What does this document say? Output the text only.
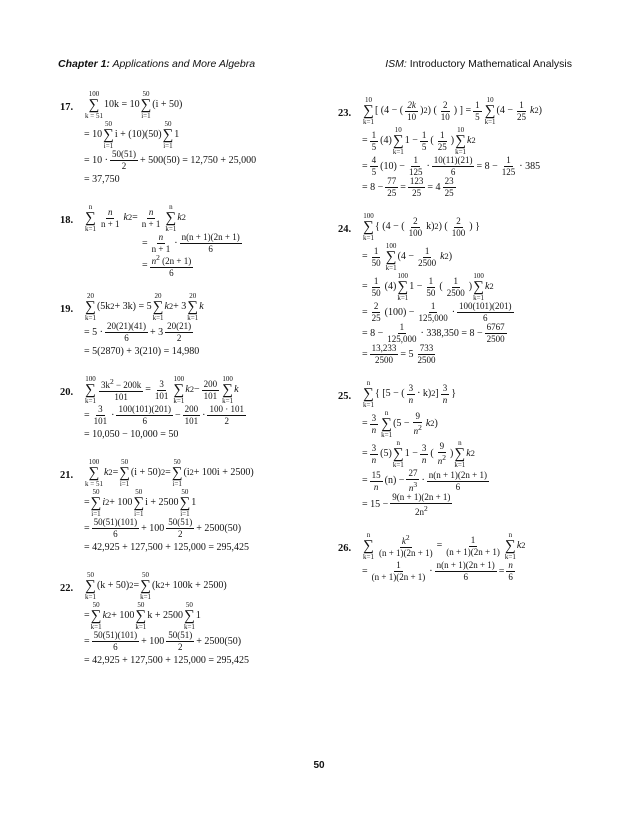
Chapter 1: Applications and More Algebra	ISM: Introductory Mathematical Analysis
17.
100
∑
k = 51
10k = 10
50
∑
i=1
(i + 50)
= 10
50
∑
i=1
i + (10)(50)
50
∑
i=1
1
= $10 \cdot \frac{50(51)}{2} + 500(50) = 12,750 + 25,000$
= 37,750
18.
n
∑
k=1
$\frac{n}{n + 1}$ k $2 = \frac{n}{n + 1}$
n
∑
k=1
k 2
= $\frac{n}{n + 1} \cdot \frac{n(n + 1)(2n + 1)}{6}$
= $\frac{n^2 (2n + 1)}{6}$
19.
20
∑
k=1
(5k 2 + 3k) = 5
20
∑
k=1
k 2 + 3
20
∑
k=1
k
= $5 \cdot \frac{20(21)(41)}{6} + 3 \frac{20(21)}{2}$
= 5(2870) + 3(210) = 14,980
20.
100
∑
$k=1 \frac{3k^2 - 200k}{101} = \frac{3}{101}$
100
∑
k=1
k $2 - \frac{200}{101}$
100
∑
k=1
k
= $\frac{3}{101} \cdot \frac{100(101)(201)}{6} - \frac{200}{101} \cdot \frac{100 \cdot 101}{2}$
= 10,050 − 10,000 = 50
21.
100
∑
k = 51
k 2 =
50
∑
i=1
(i + 50) 2 =
50
∑
i=1
(i 2 + 100i + 2500)
=
50
∑
i=1
i 2 + 100
50
∑
i=1
i + 2500
50
∑
i=1
1
= $\frac{50(51)(101)}{6} + 100 \frac{50(51)}{2} + 2500(50)$
= 42,925 + 127,500 + 125,000 = 295,425
22.
50
∑
k=1
(k + 50) 2 =
50
∑
k=1
(k 2 + 100k + 2500)
=
50
∑
k=1
k 2 + 100
50
∑
k=1
k + 2500
50
∑
k=1
1
= $\frac{50(51)(101)}{6} + 100 \frac{50(51)}{2} + 2500(50)$
= 42,925 + 127,500 + 125,000 = 295,425
23.
10
∑
k=1
[ (4 − ( $\frac{2k}{10}$ ) 2 ) ( $\frac{2}{10}$ ) ] = $\frac{1}{5}$
10
∑
k=1
($4 - \frac{1}{25}$ k 2 )
= $\frac{1}{5} (4)$
10
∑
k=1
$1 - \frac{1}{5}$ ( $\frac{1}{25}$ )
10
∑
k=1
k 2
= $\frac{4}{5} (10) - \frac{1}{125} \cdot \frac{10(11)(21)}{6} = 8 - \frac{1}{125} \cdot 385$
= $8 - \frac{77}{25} = \frac{123}{25} = 4 \frac{23}{25}$
24.
100
∑
k=1
{ (4 − ( $\frac{2}{100} k$) 2 ) ( $\frac{2}{100}$ ) }
= $\frac{1}{50}$
100
∑
k=1
($4 - \frac{1}{2500}$ k 2 )
= $\frac{1}{50} (4)$
100
∑
k=1
$1 - \frac{1}{50}$ ( $\frac{1}{2500}$ )
100
∑
k=1
k 2
= $\frac{2}{25} (100) - \frac{1}{125,000} \cdot \frac{100(101)(201)}{6}$
= $8 - \frac{1}{125,000} \cdot 338,350 = 8 - \frac{6767}{2500}$
= $\frac{13,233}{2500} = 5 \frac{733}{2500}$
25.
n
∑
k=1
{ [5 − ( $\frac{3}{n} \cdot k$) 2 ] $\frac{3}{n}$ }
= $\frac{3}{n}$
n
∑
k=1
($5 - \frac{9}{n^2}$ k 2 )
= $\frac{3}{n} (5)$
n
∑
k=1
$1 - \frac{3}{n}$ ( $\frac{9}{n^2}$ )
n
∑
k=1
k 2
= $\frac{15}{n} (n) - \frac{27}{n^3} \cdot \frac{n(n + 1)(2n + 1)}{6}$
= $15 - \frac{9(n + 1)(2n + 1)}{2n^2}$
26.
n
∑
$k=1 \frac{k^2}{(n + 1)(2n + 1)} = \frac{1}{(n + 1)(2n + 1)}$
n
∑
k=1
k 2
= $\frac{1}{(n + 1)(2n + 1)} \cdot \frac{n(n + 1)(2n + 1)}{6} = \frac{n}{6}$
50
